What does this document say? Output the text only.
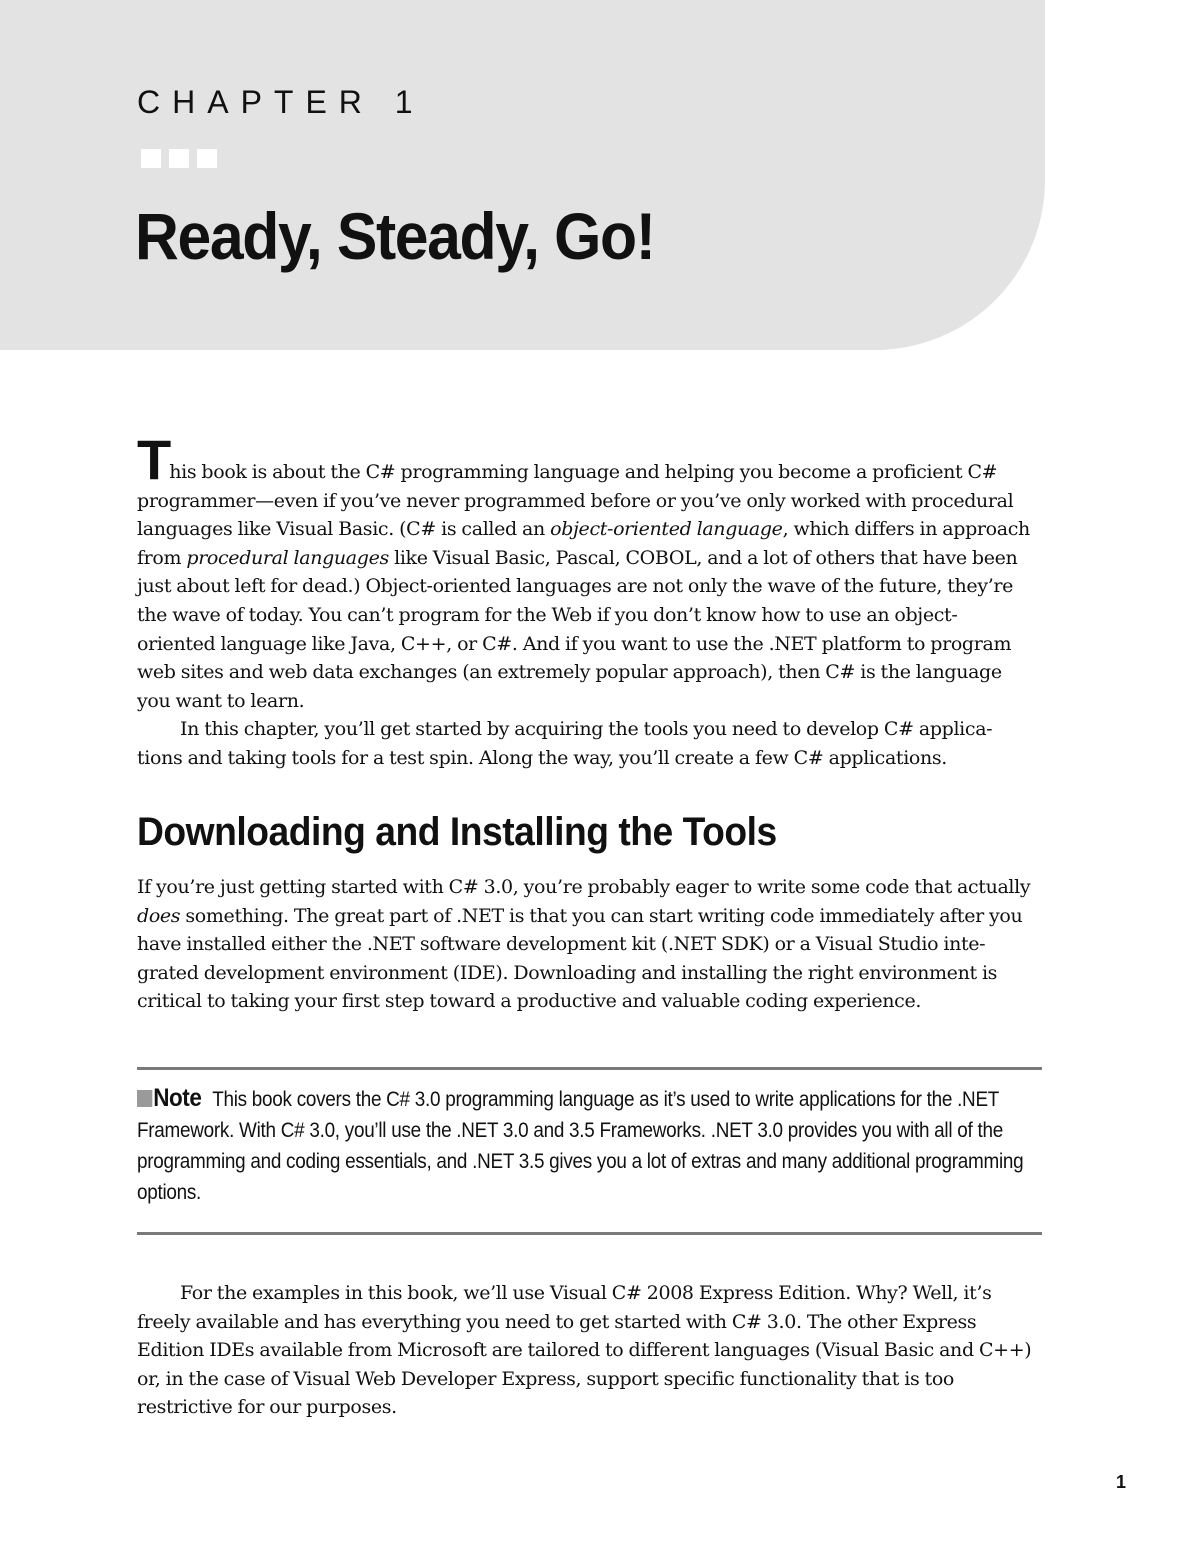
CHAPTER 1
Ready, Steady, Go!
This book is about the C# programming language and helping you become a proficient C#
programmer—even if you’ve never programmed before or you’ve only worked with procedural
languages like Visual Basic. (C# is called an object-oriented language, which differs in approach
from procedural languages like Visual Basic, Pascal, COBOL, and a lot of others that have been
just about left for dead.) Object-oriented languages are not only the wave of the future, they’re
the wave of today. You can’t program for the Web if you don’t know how to use an object-
oriented language like Java, C++, or C#. And if you want to use the .NET platform to program
web sites and web data exchanges (an extremely popular approach), then C# is the language
you want to learn.
In this chapter, you’ll get started by acquiring the tools you need to develop C# applica-
tions and taking tools for a test spin. Along the way, you’ll create a few C# applications.
Downloading and Installing the Tools
If you’re just getting started with C# 3.0, you’re probably eager to write some code that actually
does something. The great part of .NET is that you can start writing code immediately after you
have installed either the .NET software development kit (.NET SDK) or a Visual Studio inte-
grated development environment (IDE). Downloading and installing the right environment is
critical to taking your first step toward a productive and valuable coding experience.
Note This book covers the C# 3.0 programming language as it’s used to write applications for the .NET
Framework. With C# 3.0, you’ll use the .NET 3.0 and 3.5 Frameworks. .NET 3.0 provides you with all of the
programming and coding essentials, and .NET 3.5 gives you a lot of extras and many additional programming
options.
For the examples in this book, we’ll use Visual C# 2008 Express Edition. Why? Well, it’s
freely available and has everything you need to get started with C# 3.0. The other Express
Edition IDEs available from Microsoft are tailored to different languages (Visual Basic and C++)
or, in the case of Visual Web Developer Express, support specific functionality that is too
restrictive for our purposes.
1
